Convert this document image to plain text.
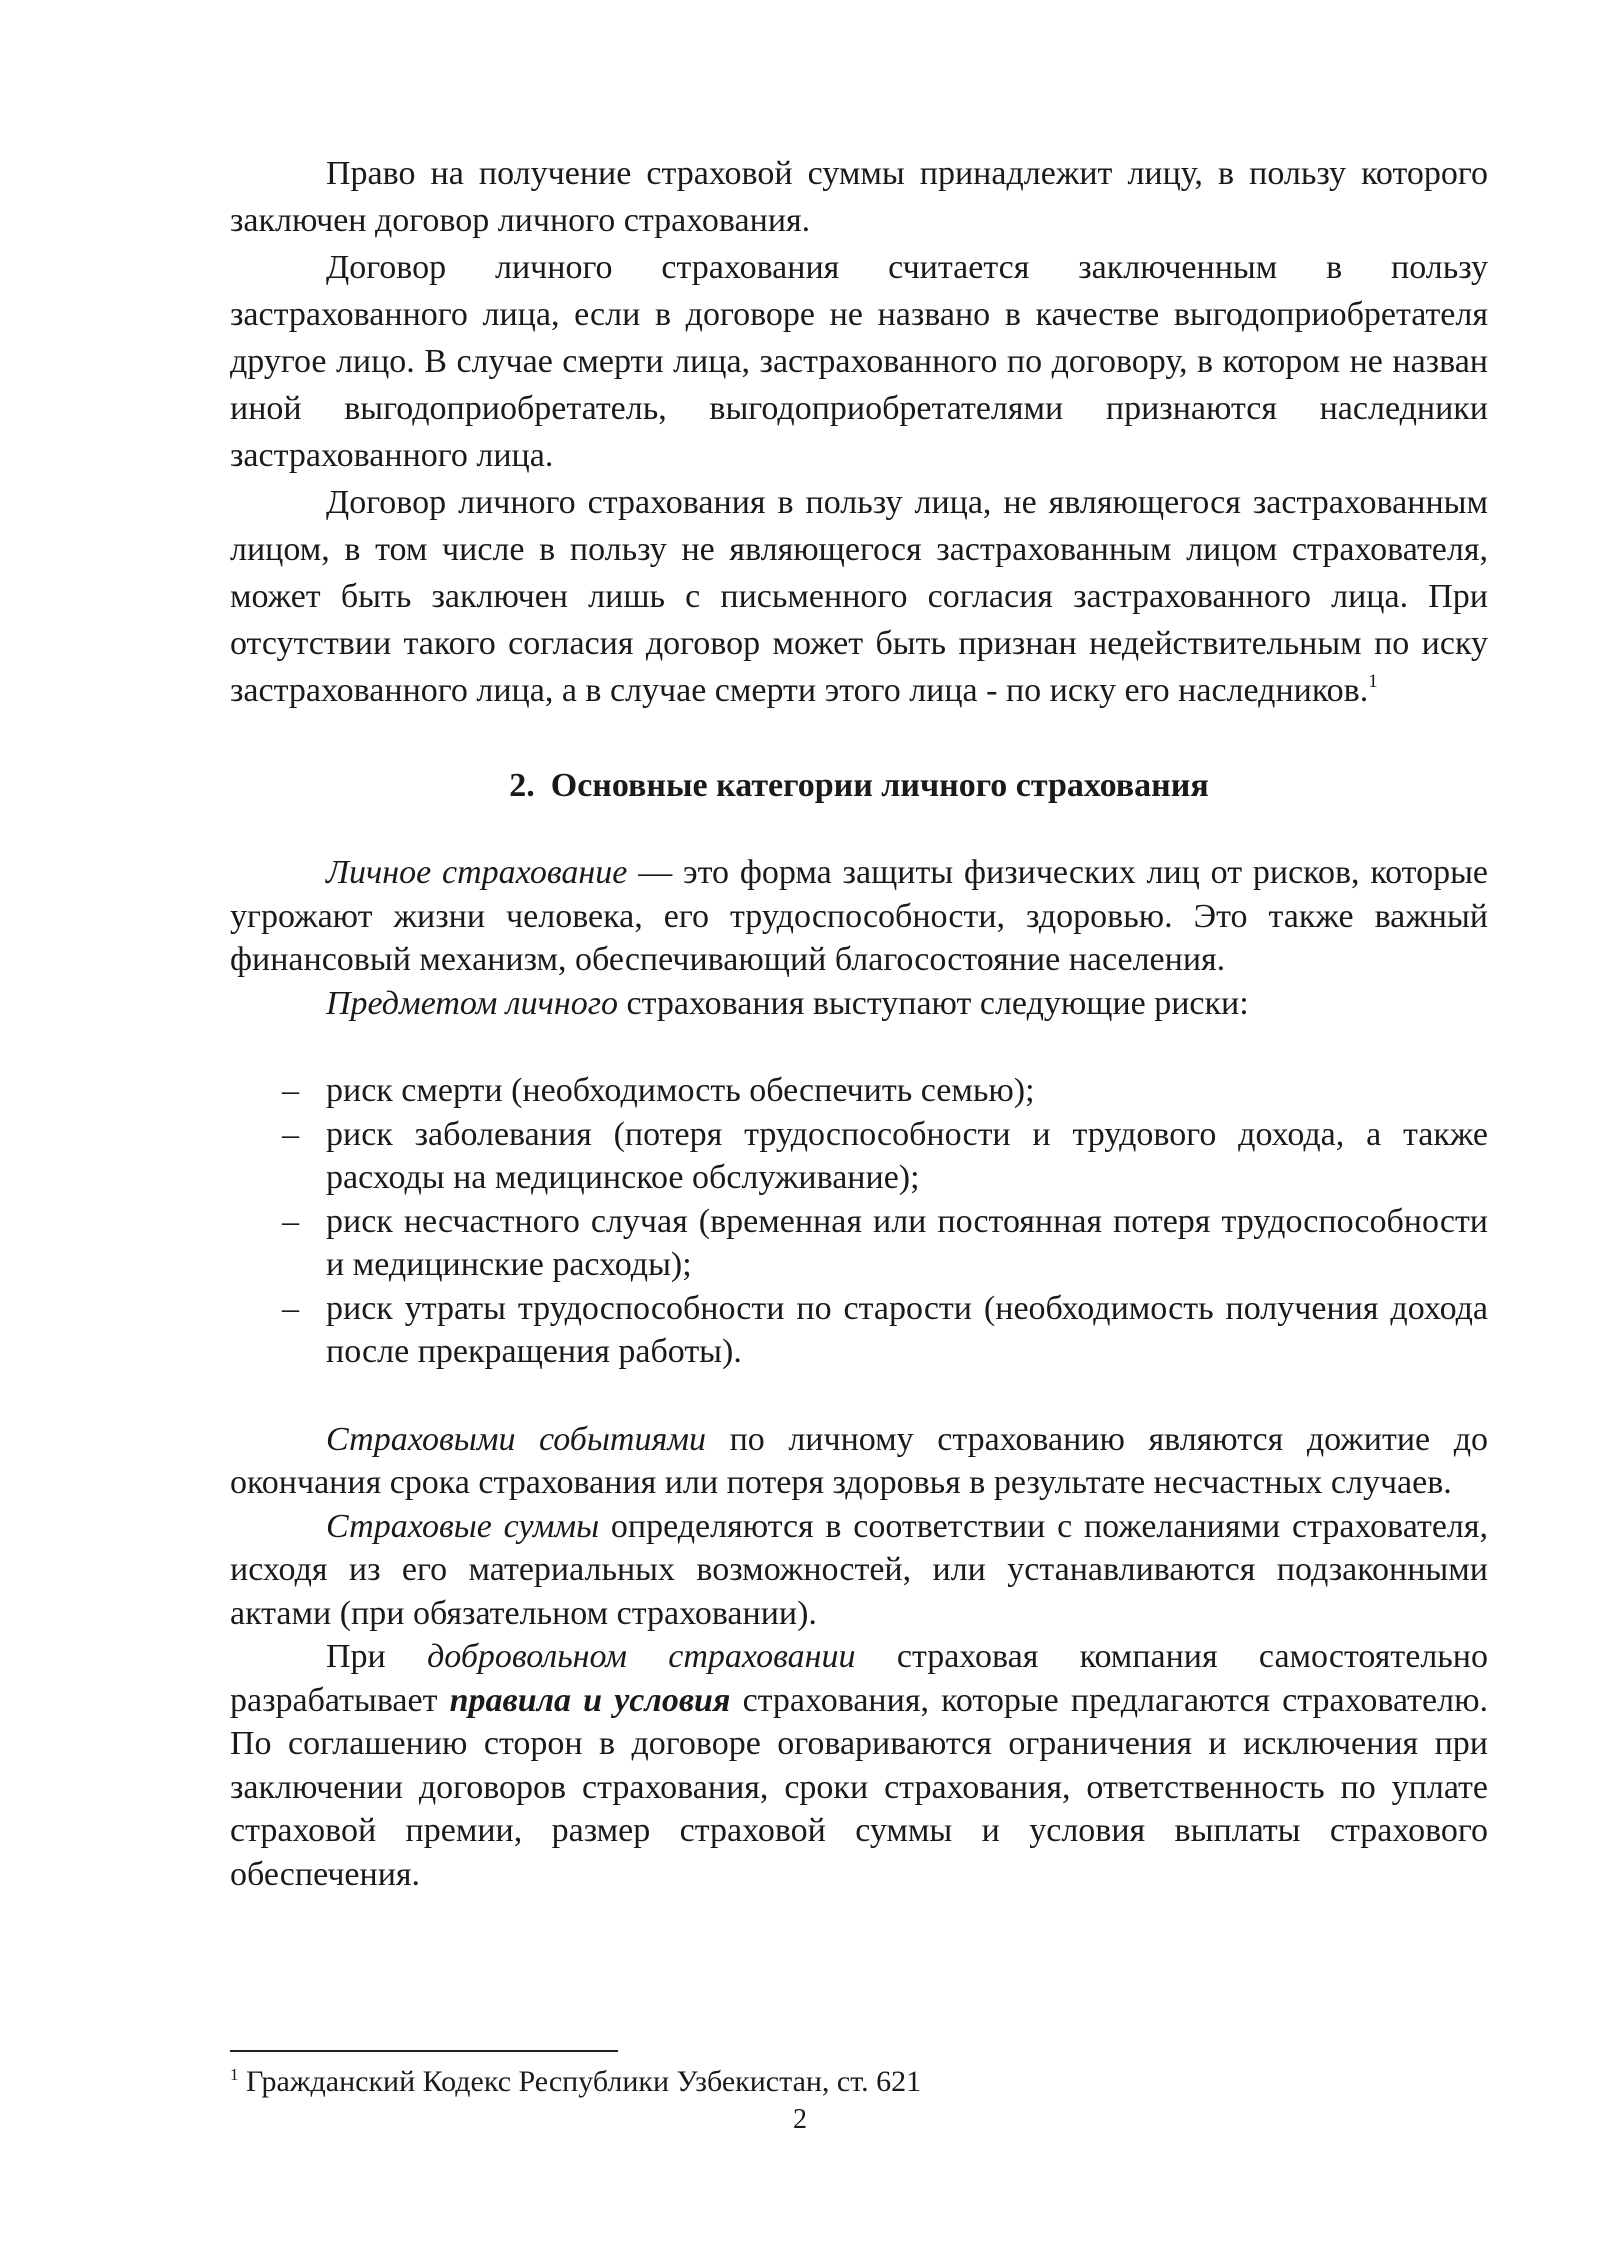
Право на получение страховой суммы принадлежит лицу, в пользу которого заключен договор личного страхования.

Договор личного страхования считается заключенным в пользу застрахованного лица, если в договоре не названо в качестве выгодоприобретателя другое лицо. В случае смерти лица, застрахованного по договору, в котором не назван иной выгодоприобретатель, выгодоприобретателями признаются наследники застрахованного лица.

Договор личного страхования в пользу лица, не являющегося застрахованным лицом, в том числе в пользу не являющегося застрахованным лицом страхователя, может быть заключен лишь с письменного согласия застрахованного лица. При отсутствии такого согласия договор может быть признан недействительным по иску застрахованного лица, а в случае смерти этого лица - по иску его наследников.$^1$

2. Основные категории личного страхования

Личное страхование — это форма защиты физических лиц от рисков, которые угрожают жизни человека, его трудоспособности, здоровью. Это также важный финансовый механизм, обеспечивающий благосостояние населения.

Предметом личного страхования выступают следующие риски:

– риск смерти (необходимость обеспечить семью);
– риск заболевания (потеря трудоспособности и трудового дохода, а также расходы на медицинское обслуживание);
– риск несчастного случая (временная или постоянная потеря трудоспособности и медицинские расходы);
– риск утраты трудоспособности по старости (необходимость получения дохода после прекращения работы).

Страховыми событиями по личному страхованию являются дожитие до окончания срока страхования или потеря здоровья в результате несчастных случаев.

Страховые суммы определяются в соответствии с пожеланиями страхователя, исходя из его материальных возможностей, или устанавливаются подзаконными актами (при обязательном страховании).

При добровольном страховании страховая компания самостоятельно разрабатывает правила и условия страхования, которые предлагаются страхователю. По соглашению сторон в договоре оговариваются ограничения и исключения при заключении договоров страхования, сроки страхования, ответственность по уплате страховой премии, размер страховой суммы и условия выплаты страхового обеспечения.

$^1$ Гражданский Кодекс Республики Узбекистан, ст. 621
2
